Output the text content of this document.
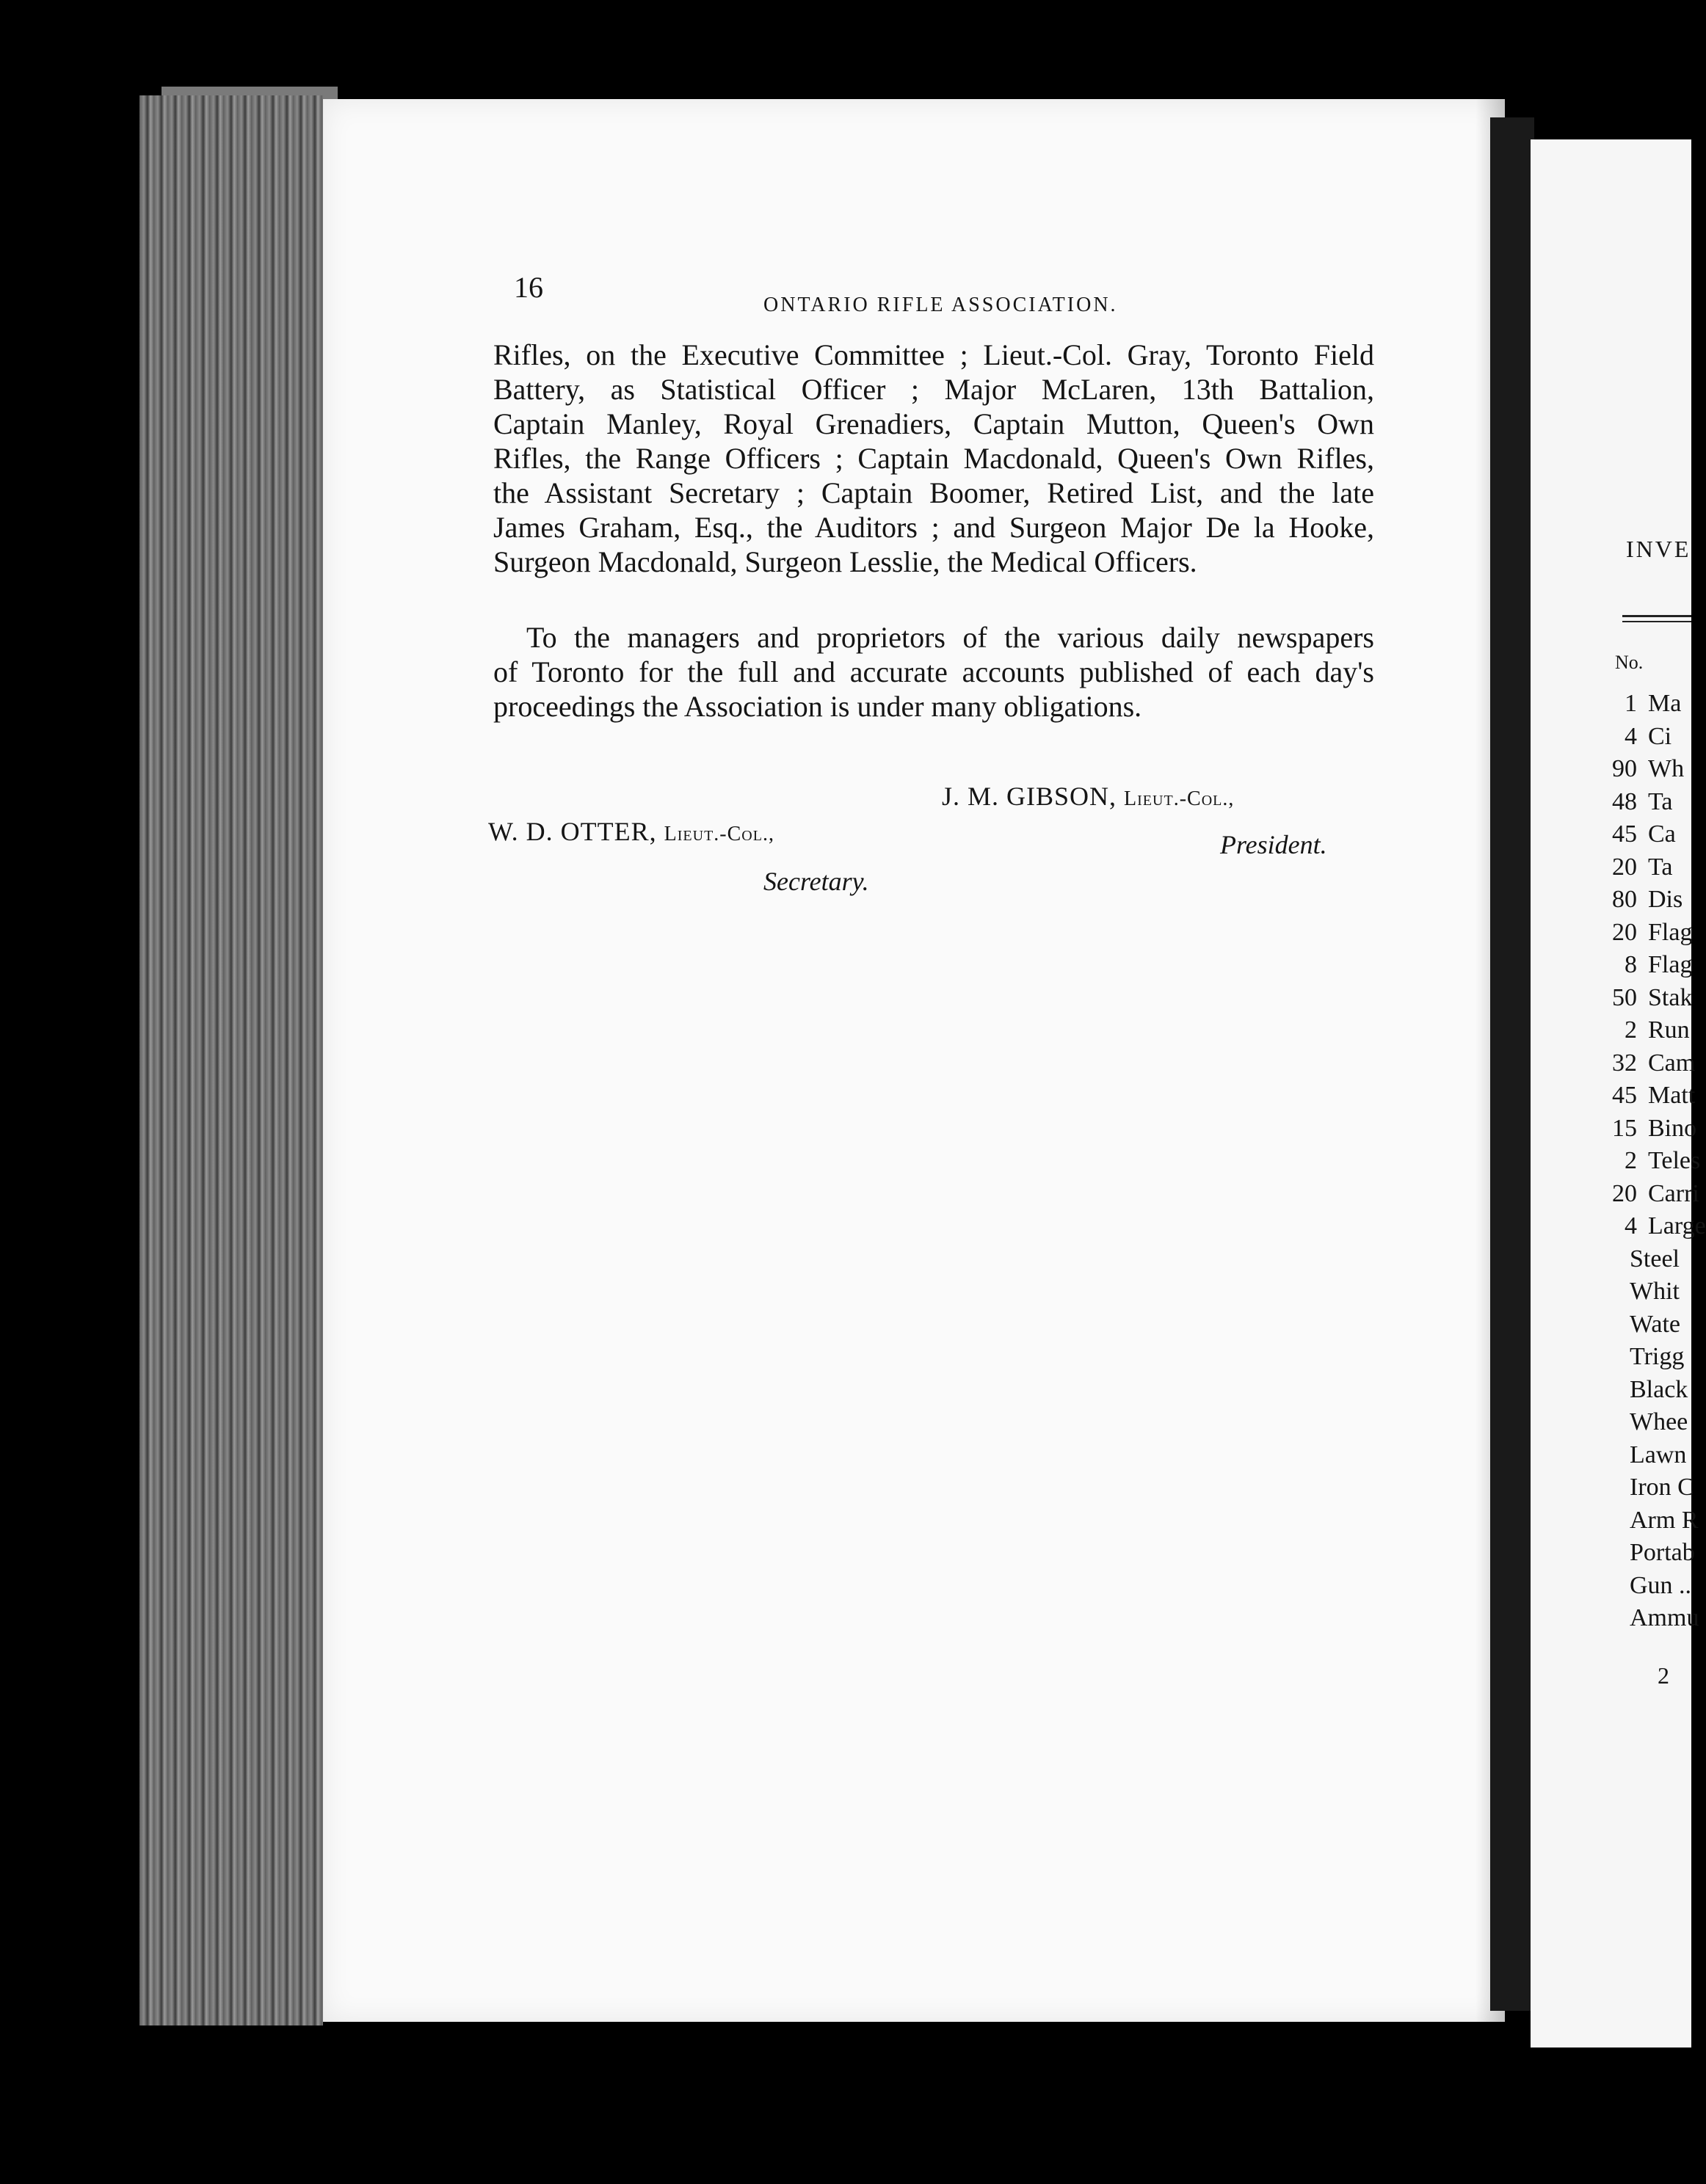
16
ONTARIO RIFLE ASSOCIATION.
Rifles, on the Executive Committee ; Lieut.-Col. Gray, Toronto Field
Battery, as Statistical Officer ; Major McLaren, 13th Battalion,
Captain Manley, Royal Grenadiers, Captain Mutton, Queen's Own
Rifles, the Range Officers ; Captain Macdonald, Queen's Own Rifles,
the Assistant Secretary ; Captain Boomer, Retired List, and the late
James Graham, Esq., the Auditors ; and Surgeon Major De la Hooke,
Surgeon Macdonald, Surgeon Lesslie, the Medical Officers.
To the managers and proprietors of the various daily newspapers
of Toronto for the full and accurate accounts published of each day's
proceedings the Association is under many obligations.
J. M. GIBSON, Lieut.-Col.,
President.
W. D. OTTER, Lieut.-Col.,
Secretary.
INVE
No.
1 Ma
4 Ci
90 Wh
48 Ta
45 Ca
20 Ta
80 Dis
20 Flag
8 Flag
50 Stak
2 Run
32 Cam
45 Matt
15 Bino
2 Teles
20 Carri
4 Large
Steel
Whit
Wate
Trigg
Black
Whee
Lawn
Iron C
Arm R
Portab
Gun ..
Ammu
2
